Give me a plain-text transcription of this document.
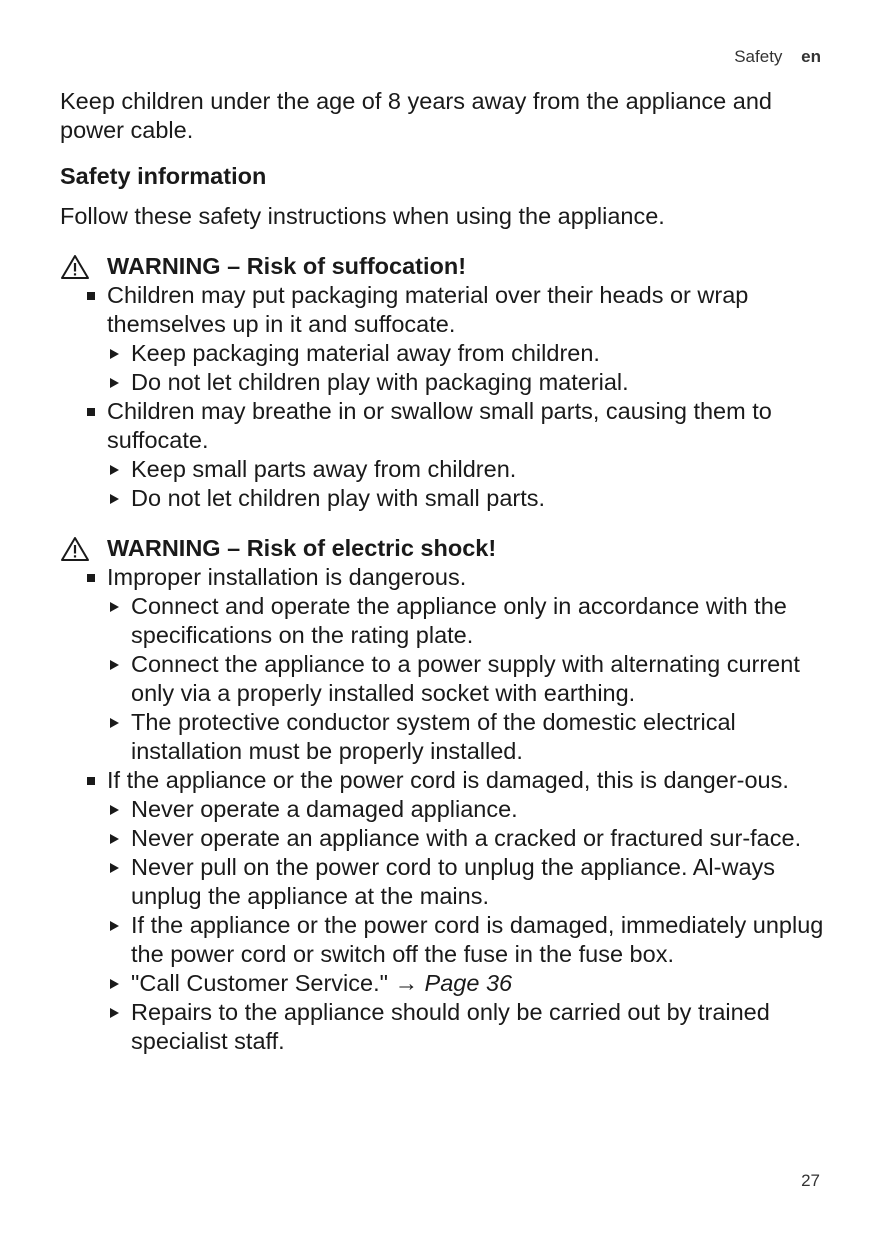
Safety en

Keep children under the age of 8 years away from the appliance and power cable.

Safety information

Follow these safety instructions when using the appliance.

WARNING – Risk of suffocation!
Children may put packaging material over their heads or wrap themselves up in it and suffocate.
Keep packaging material away from children.
Do not let children play with packaging material.
Children may breathe in or swallow small parts, causing them to suffocate.
Keep small parts away from children.
Do not let children play with small parts.
WARNING – Risk of electric shock!
Improper installation is dangerous.
Connect and operate the appliance only in accordance with the specifications on the rating plate.
Connect the appliance to a power supply with alternating current only via a properly installed socket with earthing.
The protective conductor system of the domestic electrical installation must be properly installed.
If the appliance or the power cord is damaged, this is danger-ous.
Never operate a damaged appliance.
Never operate an appliance with a cracked or fractured sur-face.
Never pull on the power cord to unplug the appliance. Al-ways unplug the appliance at the mains.
If the appliance or the power cord is damaged, immediately unplug the power cord or switch off the fuse in the fuse box.
"Call Customer Service." → Page 36
Repairs to the appliance should only be carried out by trained specialist staff.
27
